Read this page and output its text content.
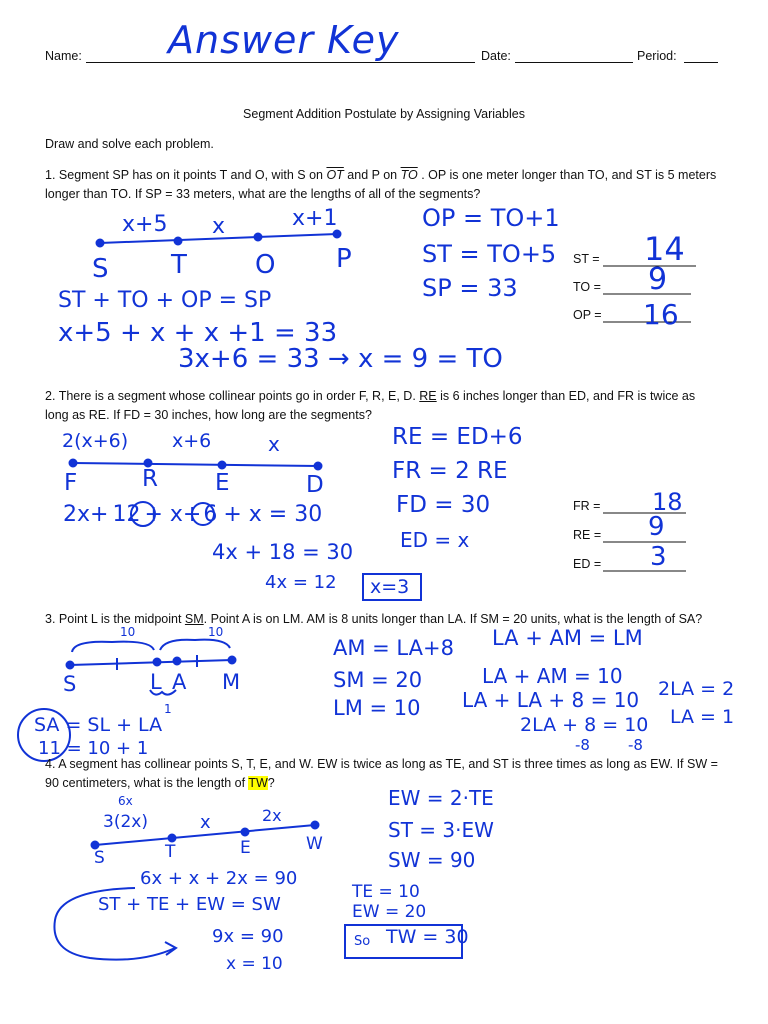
Name: Answer Key	Date:	Period:
Segment Addition Postulate by Assigning Variables
Draw and solve each problem.
1. Segment SP has on it points T and O, with S on $\overline{OT}$ and P on $\overline{TO}$ . OP is one meter longer than TO, and ST is 5 meters longer than TO. If SP = 33 meters, what are the lengths of all of the segments?
x+5 x	x+1
S T	O P
OP = TO+1
ST = TO+5
SP = 33
ST + TO + OP = SP
x+5 + x + x +1 = 33
3x+6 = 33 → x = 9 = TO
ST = 14
TO = 9
OP = 16
2. There is a segment whose collinear points go in order F, R, E, D. RE is 6 inches longer than ED, and FR is twice as long as RE. If FD = 30 inches, how long are the segments?
2(x+6) x+6	x
F	R E	D
RE = ED+6
FR = 2 RE
FD = 30
ED = x
2x+ 12 + x+6 + x = 30
4x + 18 = 30
4x = 12 x=3
FR = 18
RE = 9
ED = 3
3. Point L is the midpoint SM. Point A is on LM. AM is 8 units longer than LA. If SM = 20 units, what is the length of SA?
10	10
1
S	L A M
AM = LA+8
SM = 20
LM = 10
LA + AM = LM
LA + AM = 10
LA + LA + 8 = 10
2LA + 8 = 10
-8	-8
2LA = 2
LA = 1
SA = SL + LA
11 = 10 + 1
4. A segment has collinear points S, T, E, and W. EW is twice as long as TE, and ST is three times as long as EW. If SW = 90 centimeters, what is the length of TW?
6x
3(2x)	x	2x
S	T	E	W
EW = 2·TE
ST = 3·EW
SW = 90
6x + x + 2x = 90
ST + TE + EW = SW
9x = 90
x = 10
TE = 10
EW = 20
So TW = 30
